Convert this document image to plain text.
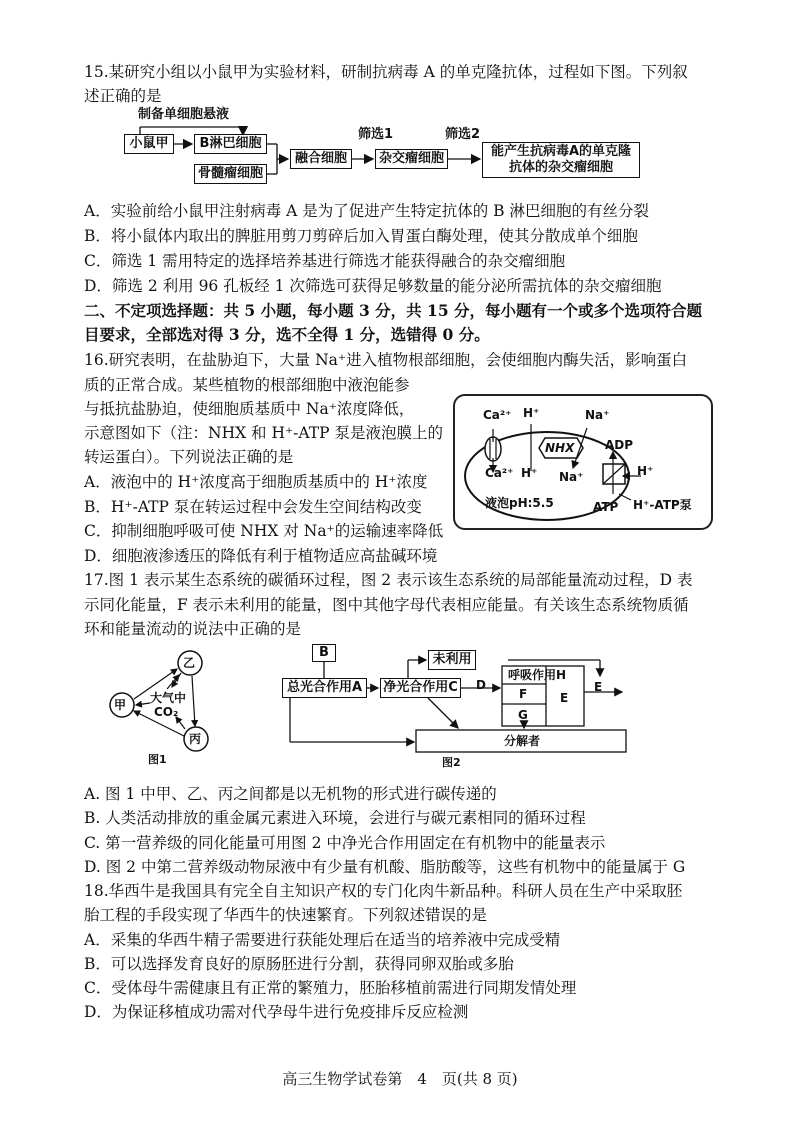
15.某研究小组以小鼠甲为实验材料，研制抗病毒 A 的单克隆抗体，过程如下图。下列叙
述正确的是
制备单细胞悬液
小鼠甲	B淋巴细胞
骨髓瘤细胞
融合细胞
筛选1
杂交瘤细胞
筛选2
能产生抗病毒A的单克隆
抗体的杂交瘤细胞
A．实验前给小鼠甲注射病毒 A 是为了促进产生特定抗体的 B 淋巴细胞的有丝分裂
B．将小鼠体内取出的脾脏用剪刀剪碎后加入胃蛋白酶处理，使其分散成单个细胞
C．筛选 1 需用特定的选择培养基进行筛选才能获得融合的杂交瘤细胞
D．筛选 2 利用 96 孔板经 1 次筛选可获得足够数量的能分泌所需抗体的杂交瘤细胞
二、不定项选择题：共 5 小题，每小题 3 分，共 15 分，每小题有一个或多个选项符合题
目要求，全部选对得 3 分，选不全得 1 分，选错得 0 分。
16.研究表明，在盐胁迫下，大量 Na⁺进入植物根部细胞，会使细胞内酶失活，影响蛋白
质的正常合成。某些植物的根部细胞中液泡能参
与抵抗盐胁迫，使细胞质基质中 Na⁺浓度降低，
示意图如下（注：NHX 和 H⁺-ATP 泵是液泡膜上的
转运蛋白）。下列说法正确的是
A．液泡中的 H⁺浓度高于细胞质基质中的 H⁺浓度
B．H⁺-ATP 泵在转运过程中会发生空间结构改变
C．抑制细胞呼吸可使 NHX 对 Na⁺的运输速率降低
D．细胞液渗透压的降低有利于植物适应高盐碱环境
Ca²⁺ H⁺	Na⁺
NHX	ADP
Ca²⁺ H⁺ Na⁺	H⁺
液泡pH:5.5	ATP H⁺-ATP泵
17.图 1 表示某生态系统的碳循环过程，图 2 表示该生态系统的局部能量流动过程，D 表
示同化能量，F 表示未利用的能量，图中其他字母代表相应能量。有关该生态系统物质循
环和能量流动的说法中正确的是
甲
乙
丙
大气中
CO₂
图1
B
总光合作用A	净光合作用C
未利用
D
呼吸作用H
F
G
E
E
分解者
图2
A. 图 1 中甲、乙、丙之间都是以无机物的形式进行碳传递的
B. 人类活动排放的重金属元素进入环境，会进行与碳元素相同的循环过程
C. 第一营养级的同化能量可用图 2 中净光合作用固定在有机物中的能量表示
D. 图 2 中第二营养级动物尿液中有少量有机酸、脂肪酸等，这些有机物中的能量属于 G
18.华西牛是我国具有完全自主知识产权的专门化肉牛新品种。科研人员在生产中采取胚
胎工程的手段实现了华西牛的快速繁育。下列叙述错误的是
A．采集的华西牛精子需要进行获能处理后在适当的培养液中完成受精
B．可以选择发育良好的原肠胚进行分割，获得同卵双胎或多胎
C．受体母牛需健康且有正常的繁殖力，胚胎移植前需进行同期发情处理
D．为保证移植成功需对代孕母牛进行免疫排斥反应检测
高三生物学试卷第　4　页(共 8 页)
